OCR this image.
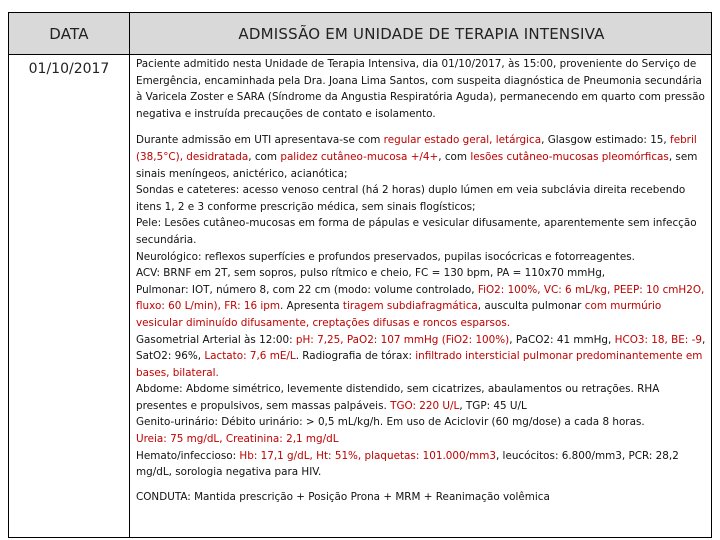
DATA	ADMISSÃO EM UNIDADE DE TERAPIA INTENSIVA
01/10/2017	Paciente admitido nesta Unidade de Terapia Intensiva, dia 01/10/2017, às 15:00, proveniente do Serviço de Emergência, encaminhada pela Dra. Joana Lima Santos, com suspeita diagnóstica de Pneumonia secundária à Varicela Zoster e SARA (Síndrome da Angustia Respiratória Aguda), permanecendo em quarto com pressão negativa e instruída precauções de contato e isolamento.

Durante admissão em UTI apresentava-se com regular estado geral, letárgica, Glasgow estimado: 15, febril (38,5°C), desidratada, com palidez cutâneo-mucosa +/4+, com lesões cutâneo-mucosas pleomórficas, sem sinais meníngeos, anictérico, acianótica;

Sondas e cateteres: acesso venoso central (há 2 horas) duplo lúmen em veia subclávia direita recebendo itens 1, 2 e 3 conforme prescrição médica, sem sinais flogísticos;

Pele: Lesões cutâneo-mucosas em forma de pápulas e vesicular difusamente, aparentemente sem infecção secundária.

Neurológico: reflexos superfícies e profundos preservados, pupilas isocócricas e fotorreagentes.

ACV: BRNF em 2T, sem sopros, pulso rítmico e cheio, FC = 130 bpm, PA = 110x70 mmHg,

Pulmonar: IOT, número 8, com 22 cm (modo: volume controlado, FiO2: 100%, VC: 6 mL/kg, PEEP: 10 cmH2O, fluxo: 60 L/min), FR: 16 ipm. Apresenta tiragem subdiafragmática, ausculta pulmonar com murmúrio vesicular diminuído difusamente, creptações difusas e roncos esparsos.

Gasometrial Arterial às 12:00: pH: 7,25, PaO2: 107 mmHg (FiO2: 100%), PaCO2: 41 mmHg, HCO3: 18, BE: -9, SatO2: 96%, Lactato: 7,6 mE/L. Radiografia de tórax: infiltrado intersticial pulmonar predominantemente em bases, bilateral.

Abdome: Abdome simétrico, levemente distendido, sem cicatrizes, abaulamentos ou retrações. RHA presentes e propulsivos, sem massas palpáveis. TGO: 220 U/L, TGP: 45 U/L

Genito-urinário: Débito urinário: > 0,5 mL/kg/h. Em uso de Aciclovir (60 mg/dose) a cada 8 horas.
Ureia: 75 mg/dL, Creatinina: 2,1 mg/dL

Hemato/infeccioso: Hb: 17,1 g/dL, Ht: 51%, plaquetas: 101.000/mm3, leucócitos: 6.800/mm3, PCR: 28,2 mg/dL, sorologia negativa para HIV.

CONDUTA: Mantida prescrição + Posição Prona + MRM + Reanimação volêmica
